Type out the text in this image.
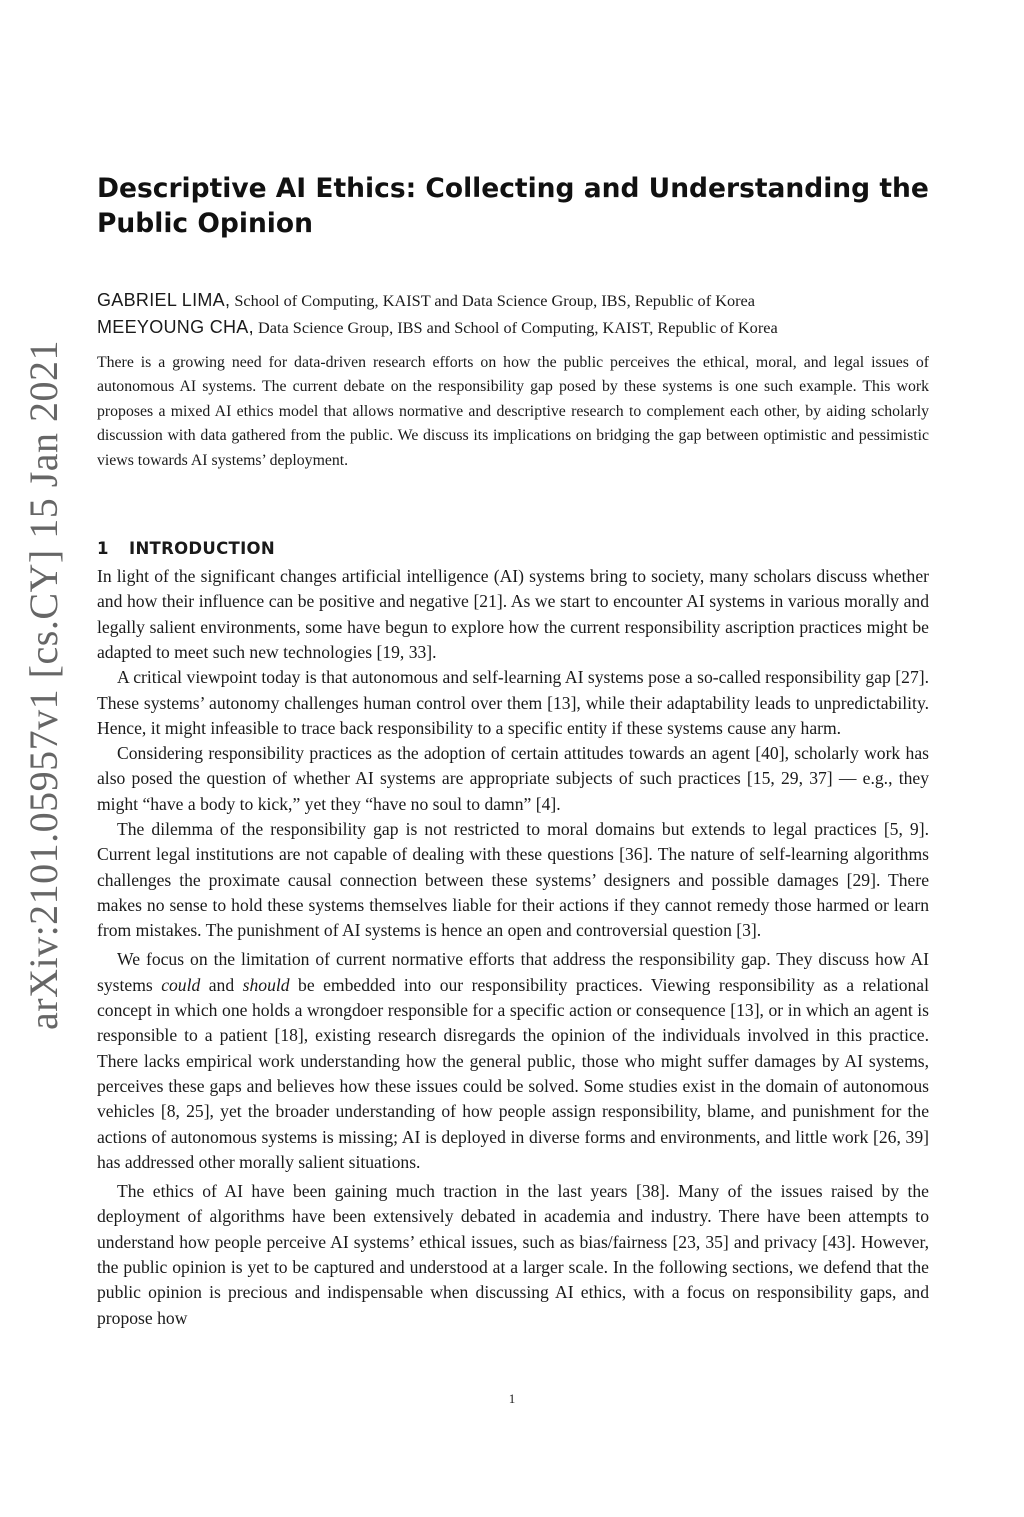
arXiv:2101.05957v1 [cs.CY] 15 Jan 2021
Descriptive AI Ethics: Collecting and Understanding the Public Opinion
GABRIEL LIMA, School of Computing, KAIST and Data Science Group, IBS, Republic of Korea
MEEYOUNG CHA, Data Science Group, IBS and School of Computing, KAIST, Republic of Korea

There is a growing need for data-driven research efforts on how the public perceives the ethical, moral, and legal issues of autonomous AI systems. The current debate on the responsibility gap posed by these systems is one such example. This work proposes a mixed AI ethics model that allows normative and descriptive research to complement each other, by aiding scholarly discussion with data gathered from the public. We discuss its implications on bridging the gap between optimistic and pessimistic views towards AI systems’ deployment.

1 INTRODUCTION

In light of the significant changes artificial intelligence (AI) systems bring to society, many scholars discuss whether and how their influence can be positive and negative [21]. As we start to encounter AI systems in various morally and legally salient environments, some have begun to explore how the current responsibility ascription practices might be adapted to meet such new technologies [19, 33].

A critical viewpoint today is that autonomous and self-learning AI systems pose a so-called responsibility gap [27]. These systems’ autonomy challenges human control over them [13], while their adaptability leads to unpredictability. Hence, it might infeasible to trace back responsibility to a specific entity if these systems cause any harm.

Considering responsibility practices as the adoption of certain attitudes towards an agent [40], scholarly work has also posed the question of whether AI systems are appropriate subjects of such practices [15, 29, 37] — e.g., they might “have a body to kick,” yet they “have no soul to damn” [4].

The dilemma of the responsibility gap is not restricted to moral domains but extends to legal practices [5, 9]. Current legal institutions are not capable of dealing with these questions [36]. The nature of self-learning algorithms challenges the proximate causal connection between these systems’ designers and possible damages [29]. There makes no sense to hold these systems themselves liable for their actions if they cannot remedy those harmed or learn from mistakes. The punishment of AI systems is hence an open and controversial question [3].

We focus on the limitation of current normative efforts that address the responsibility gap. They discuss how AI systems could and should be embedded into our responsibility practices. Viewing responsibility as a relational concept in which one holds a wrongdoer responsible for a specific action or consequence [13], or in which an agent is responsible to a patient [18], existing research disregards the opinion of the individuals involved in this practice. There lacks empirical work understanding how the general public, those who might suffer damages by AI systems, perceives these gaps and believes how these issues could be solved. Some studies exist in the domain of autonomous vehicles [8, 25], yet the broader understanding of how people assign responsibility, blame, and punishment for the actions of autonomous systems is missing; AI is deployed in diverse forms and environments, and little work [26, 39] has addressed other morally salient situations.

The ethics of AI have been gaining much traction in the last years [38]. Many of the issues raised by the deployment of algorithms have been extensively debated in academia and industry. There have been attempts to understand how people perceive AI systems’ ethical issues, such as bias/fairness [23, 35] and privacy [43]. However, the public opinion is yet to be captured and understood at a larger scale. In the following sections, we defend that the public opinion is precious and indispensable when discussing AI ethics, with a focus on responsibility gaps, and propose how

1
